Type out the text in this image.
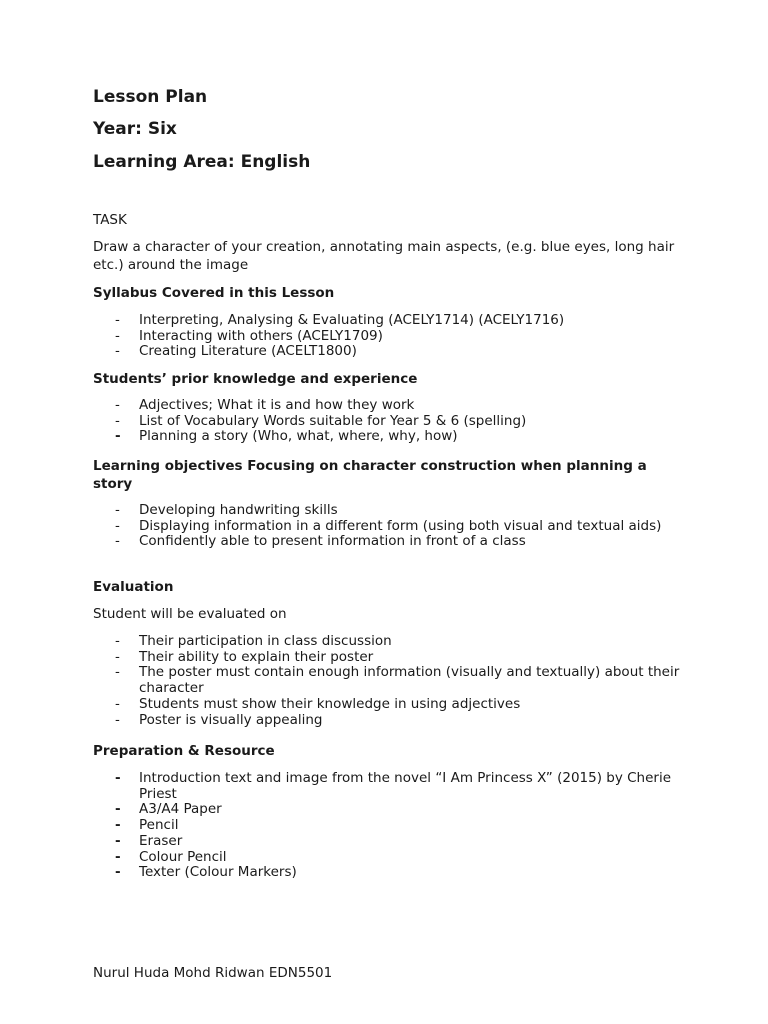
Lesson Plan
Year: Six
Learning Area: English

TASK

Draw a character of your creation, annotating main aspects, (e.g. blue eyes, long hair etc.) around the image

Syllabus Covered in this Lesson

- Interpreting, Analysing & Evaluating (ACELY1714) (ACELY1716)
- Interacting with others (ACELY1709)
- Creating Literature (ACELT1800)

Students’ prior knowledge and experience

- Adjectives; What it is and how they work
- List of Vocabulary Words suitable for Year 5 & 6 (spelling)
- Planning a story (Who, what, where, why, how)

Learning objectives Focusing on character construction when planning a story

- Developing handwriting skills
- Displaying information in a different form (using both visual and textual aids)
- Confidently able to present information in front of a class

Evaluation

Student will be evaluated on

- Their participation in class discussion
- Their ability to explain their poster
- The poster must contain enough information (visually and textually) about their character
- Students must show their knowledge in using adjectives
- Poster is visually appealing

Preparation & Resource

- Introduction text and image from the novel “I Am Princess X” (2015) by Cherie Priest
- A3/A4 Paper
- Pencil
- Eraser
- Colour Pencil
- Texter (Colour Markers)

Nurul Huda Mohd Ridwan EDN5501
